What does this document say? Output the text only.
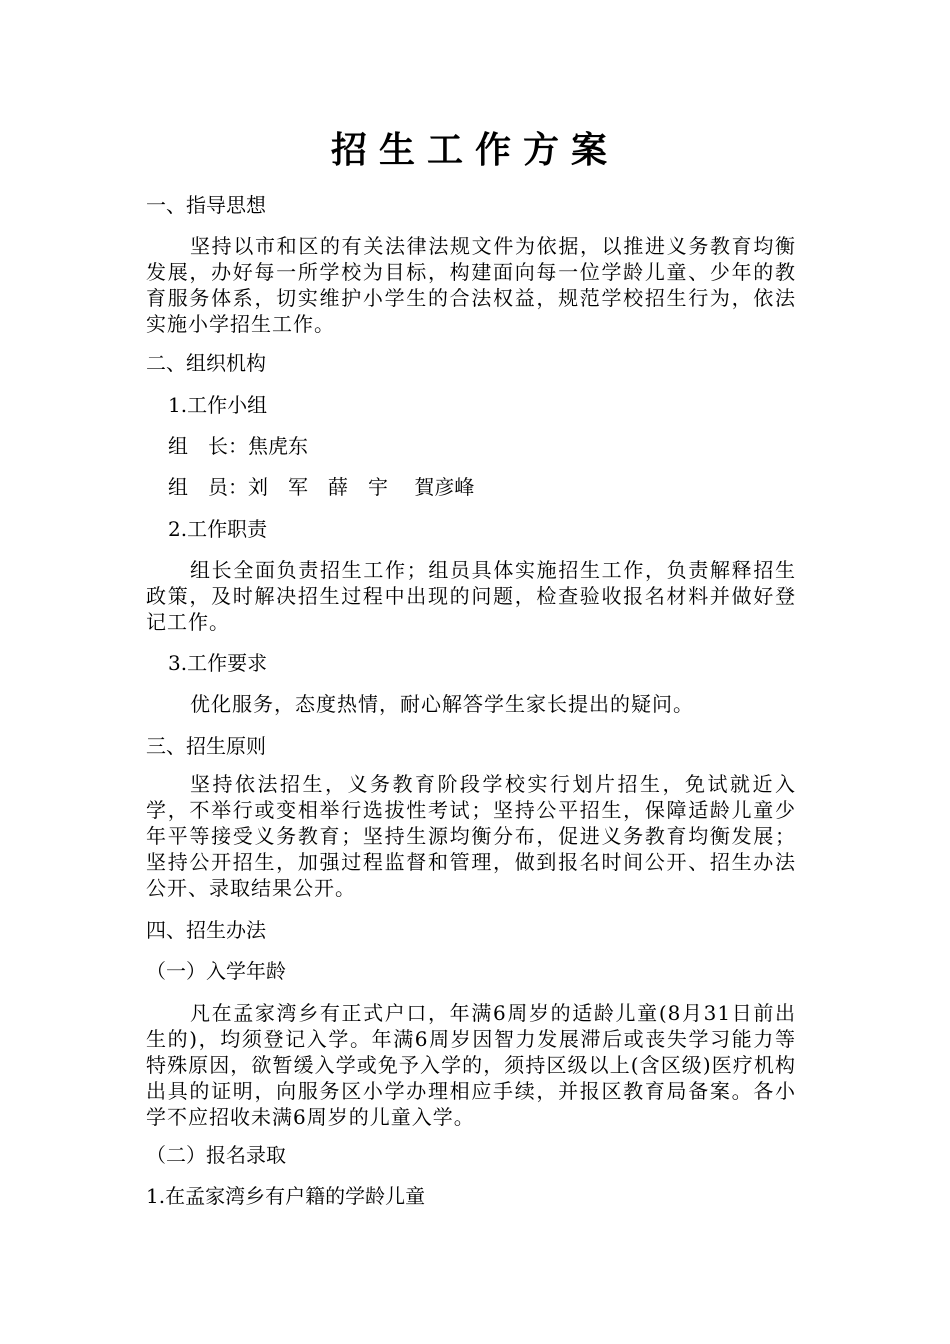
招生工作方案
一、指导思想
坚持以市和区的有关法律法规文件为依据，以推进义务教育均衡发展，办好每一所学校为目标，构建面向每一位学龄儿童、少年的教育服务体系，切实维护小学生的合法权益，规范学校招生行为，依法实施小学招生工作。
二、组织机构
1.工作小组
组　长：焦虎东
组　员：刘　军　薛　宇　 賀彦峰
2.工作职责
组长全面负责招生工作；组员具体实施招生工作，负责解释招生政策，及时解决招生过程中出现的问题，检查验收报名材料并做好登记工作。
3.工作要求
优化服务，态度热情，耐心解答学生家长提出的疑问。
三、招生原则
坚持依法招生，义务教育阶段学校实行划片招生，免试就近入学，不举行或变相举行选拔性考试；坚持公平招生，保障适龄儿童少年平等接受义务教育；坚持生源均衡分布，促进义务教育均衡发展；坚持公开招生，加强过程监督和管理，做到报名时间公开、招生办法公开、录取结果公开。
四、招生办法
（一）入学年龄
凡在孟家湾乡有正式户口，年满6周岁的适龄儿童(8月31日前出生的)，均须登记入学。年满6周岁因智力发展滞后或丧失学习能力等特殊原因，欲暂缓入学或免予入学的，须持区级以上(含区级)医疗机构出具的证明，向服务区小学办理相应手续，并报区教育局备案。各小学不应招收未满6周岁的儿童入学。
（二）报名录取
1.在孟家湾乡有户籍的学龄儿童
